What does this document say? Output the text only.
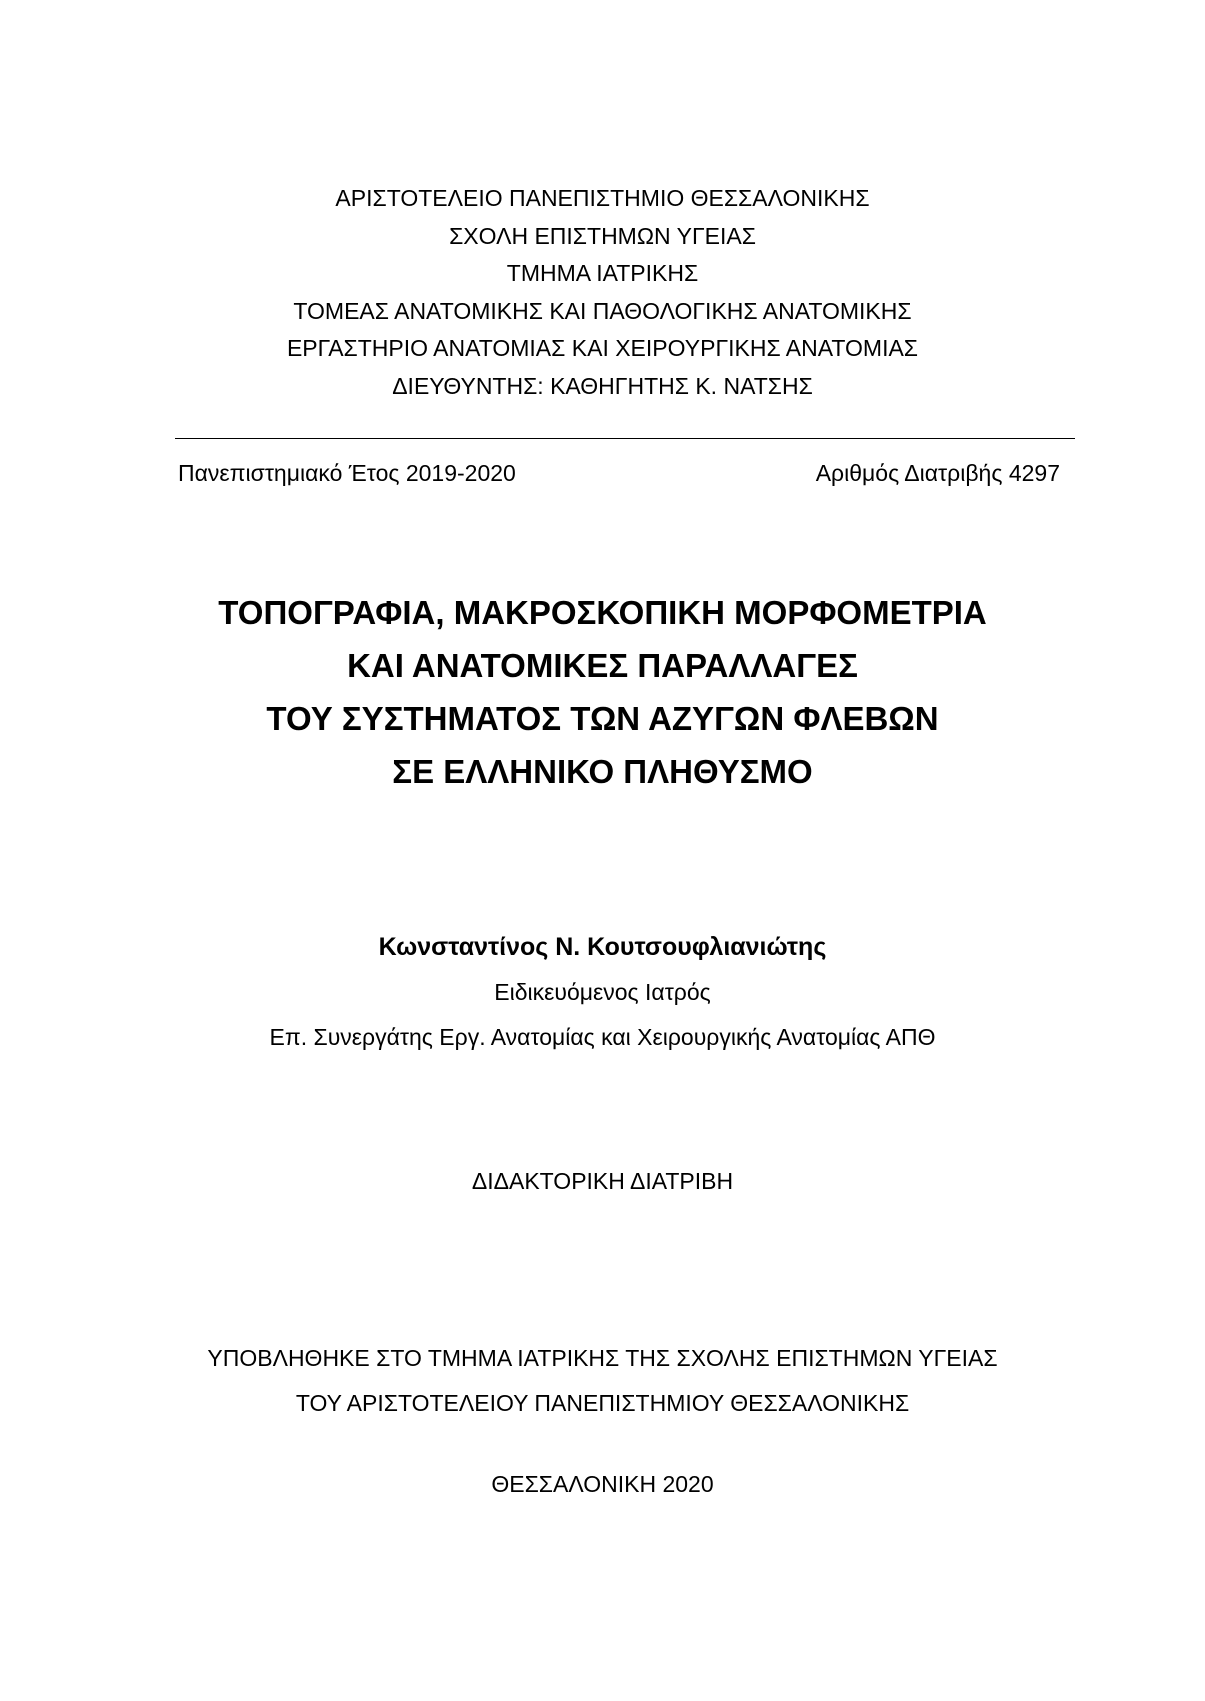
ΑΡΙΣΤΟΤΕΛΕΙΟ ΠΑΝΕΠΙΣΤΗΜΙΟ ΘΕΣΣΑΛΟΝΙΚΗΣ
ΣΧΟΛΗ ΕΠΙΣΤΗΜΩΝ ΥΓΕΙΑΣ
ΤΜΗΜΑ ΙΑΤΡΙΚΗΣ
ΤΟΜΕΑΣ ΑΝΑΤΟΜΙΚΗΣ ΚΑΙ ΠΑΘΟΛΟΓΙΚΗΣ ΑΝΑΤΟΜΙΚΗΣ
ΕΡΓΑΣΤΗΡΙΟ ΑΝΑΤΟΜΙΑΣ ΚΑΙ ΧΕΙΡΟΥΡΓΙΚΗΣ ΑΝΑΤΟΜΙΑΣ
ΔΙΕΥΘΥΝΤΗΣ: ΚΑΘΗΓΗΤΗΣ Κ. ΝΑΤΣΗΣ
Πανεπιστημιακό Έτος 2019-2020	Αριθμός Διατριβής 4297
ΤΟΠΟΓΡΑΦΙΑ, ΜΑΚΡΟΣΚΟΠΙΚΗ ΜΟΡΦΟΜΕΤΡΙΑ
ΚΑΙ ΑΝΑΤΟΜΙΚΕΣ ΠΑΡΑΛΛΑΓΕΣ
ΤΟΥ ΣΥΣΤΗΜΑΤΟΣ ΤΩΝ ΑΖΥΓΩΝ ΦΛΕΒΩΝ
ΣΕ ΕΛΛΗΝΙΚΟ ΠΛΗΘΥΣΜΟ
Κωνσταντίνος Ν. Κουτσουφλιανιώτης
Ειδικευόμενος Ιατρός
Επ. Συνεργάτης Εργ. Ανατομίας και Χειρουργικής Ανατομίας ΑΠΘ
ΔΙΔΑΚΤΟΡΙΚΗ ΔΙΑΤΡΙΒΗ
ΥΠΟΒΛΗΘΗΚΕ ΣΤΟ ΤΜΗΜΑ ΙΑΤΡΙΚΗΣ ΤΗΣ ΣΧΟΛΗΣ ΕΠΙΣΤΗΜΩΝ ΥΓΕΙΑΣ
ΤΟΥ ΑΡΙΣΤΟΤΕΛΕΙΟΥ ΠΑΝΕΠΙΣΤΗΜΙΟΥ ΘΕΣΣΑΛΟΝΙΚΗΣ
ΘΕΣΣΑΛΟΝΙΚΗ 2020
